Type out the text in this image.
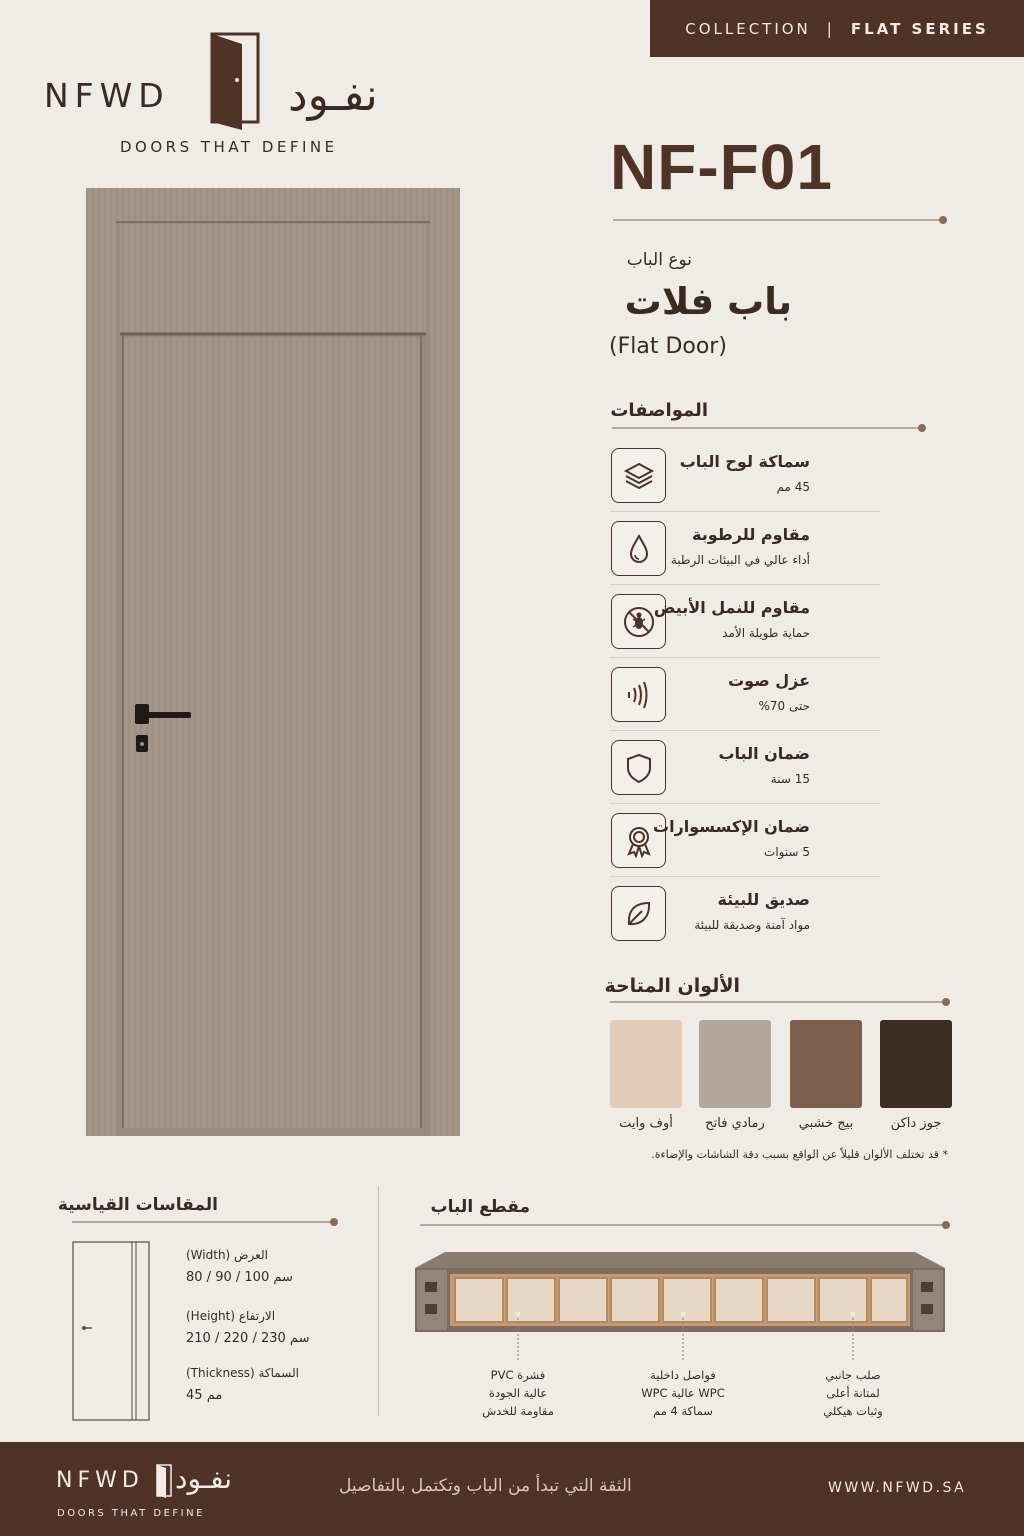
COLLECTION | FLAT SERIES
NFWD	نفـود
DOORS THAT DEFINE	NF-F01
نوع الباب
باب فلات
(Flat Door)
المواصفات
سماكة لوح الباب
45 مم
مقاوم للرطوبة
أداء عالي في البيئات الرطبة
مقاوم للنمل الأبيض
حماية طويلة الأمد
عزل صوت
حتى 70%
ضمان الباب
15 سنة
ضمان الإكسسوارات
5 سنوات
صديق للبيئة
مواد آمنة وصديقة للبيئة
الألوان المتاحة
أوف وايت	رمادي فاتح	بيج خشبي	جوز داكن
* قد تختلف الألوان قليلاً عن الواقع بسبب دقة الشاشات والإضاءة.
المقاسات القياسية
(Width) العرض
سم 100 / 90 / 80
(Height) الارتفاع
سم 230 / 220 / 210
(Thickness) السماكة
45 مم
مقطع الباب
فشرة PVC
عالية الجودة
مقاومة للخدش
فواصل داخلية
WPC عالية WPC
سماكة 4 مم
صلب جانبي
لمتانة أعلى
وثبات هيكلي
NFWD نفـود
DOORS THAT DEFINE
الثقة التي تبدأ من الباب وتكتمل بالتفاصيل	WWW.NFWD.SA
